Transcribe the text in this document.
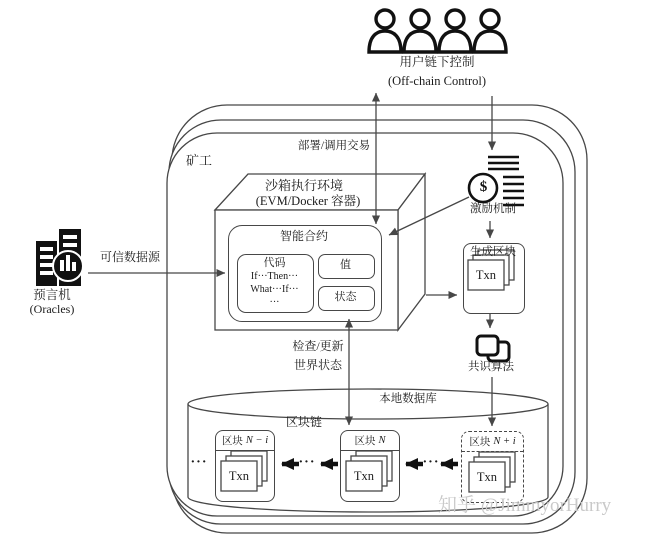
用户链下控制
(Off-chain Control)
矿工
部署/调用交易
沙箱执行环境
(EVM/Docker 容器)
智能合约
代码
If···Then···
What···If···
···
值
状态
预言机
(Oracles)
可信数据源
$
激励机制
生成区块
Txn
共识算法
检查/更新
世界状态
本地数据库
区块链
区块 N − i
Txn
区块 N
Txn
区块 N + i
Txn
···	···	···
知乎 @JimmyorHurry
